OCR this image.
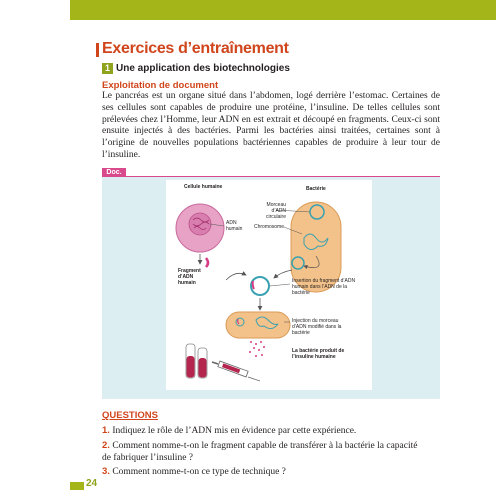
Exercices d’entraînement
1 Une application des biotechnologies
Exploitation de document
Le pancréas est un organe situé dans l’abdomen, logé derrière l’estomac. Certaines de ses cellules sont capables de produire une protéine, l’insuline. De telles cellules sont prélevées chez l’Homme, leur ADN en est extrait et découpé en fragments. Ceux-ci sont ensuite injectés à des bactéries. Parmi les bactéries ainsi traitées, certaines sont à l’origine de nouvelles populations bactériennes capables de produire à leur tour de l’insuline.
Doc.
Cellule humaine
ADN humain
Fragment d’ADN humain
Bactérie
Morceau d’ADN circulaire
Chromosome
Insertion du fragment d’ADN humain dans l’ADN de la bactérie
Injection du morceau d’ADN modifié dans la bactérie
La bactérie produit de l’insuline humaine
QUESTIONS
1. Indiquez le rôle de l’ADN mis en évidence par cette expérience.
2. Comment nomme-t-on le fragment capable de transférer à la bactérie la capacité de fabriquer l’insuline ?
3. Comment nomme-t-on ce type de technique ?
24
